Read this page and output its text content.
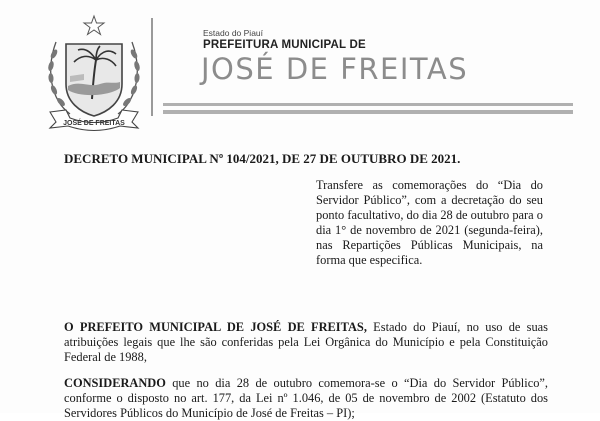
JOSÉ DE FREITAS
Estado do Piauí
PREFEITURA MUNICIPAL DE
JOSÉ DE FREITAS
DECRETO MUNICIPAL Nº 104/2021, DE 27 DE OUTUBRO DE 2021.
Transfere as comemorações do “Dia do Servidor Público”, com a decretação do seu ponto facultativo, do dia 28 de outubro para o dia 1° de novembro de 2021 (segunda-feira), nas Repartições Públicas Municipais, na forma que especifica.
O PREFEITO MUNICIPAL DE JOSÉ DE FREITAS, Estado do Piauí, no uso de suas atribuições legais que lhe são conferidas pela Lei Orgânica do Município e pela Constituição Federal de 1988,
CONSIDERANDO que no dia 28 de outubro comemora-se o “Dia do Servidor Público”, conforme o disposto no art. 177, da Lei nº 1.046, de 05 de novembro de 2002 (Estatuto dos Servidores Públicos do Município de José de Freitas – PI);
